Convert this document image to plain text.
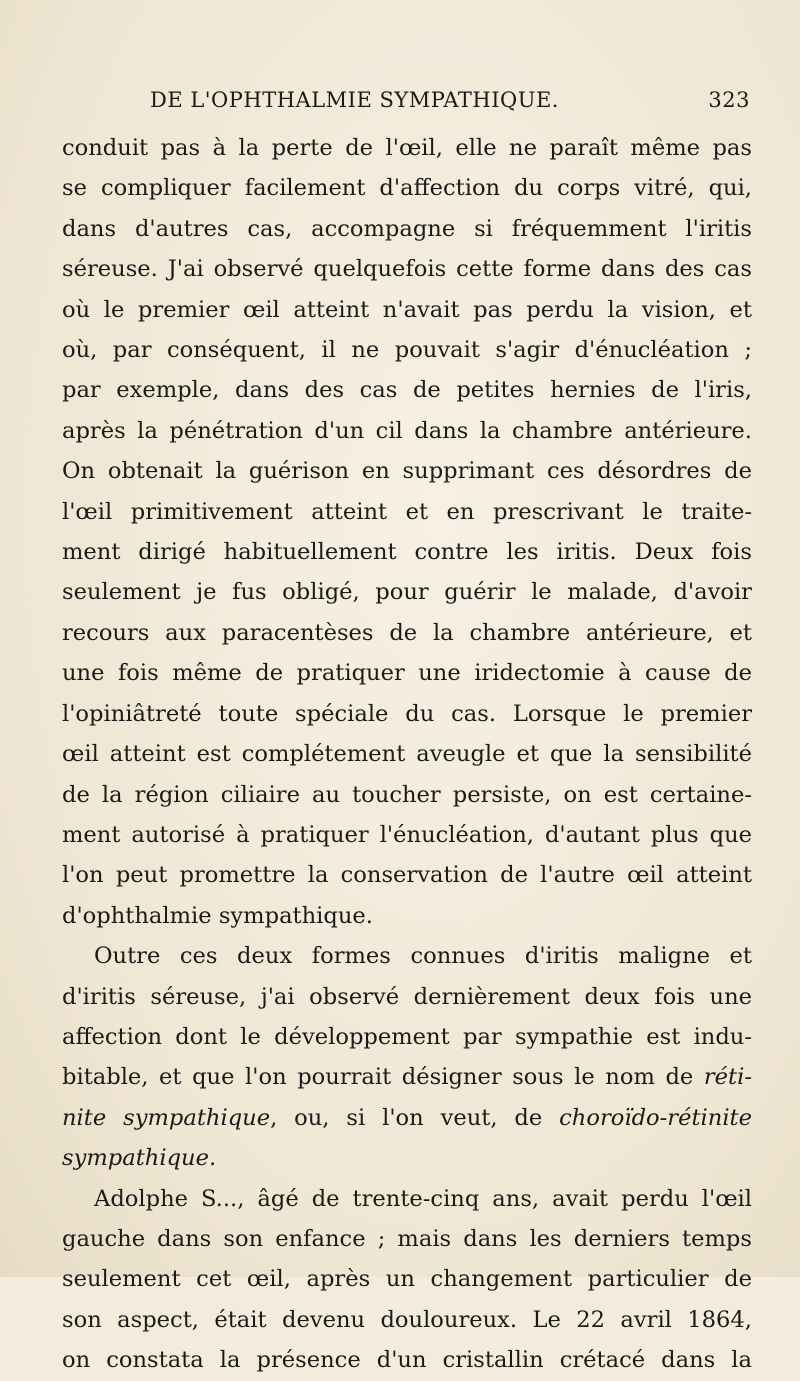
DE L'OPHTHALMIE SYMPATHIQUE.	323
conduit pas à la perte de l'œil, elle ne paraît même pas
se compliquer facilement d'affection du corps vitré, qui,
dans d'autres cas, accompagne si fréquemment l'iritis
séreuse. J'ai observé quelquefois cette forme dans des cas
où le premier œil atteint n'avait pas perdu la vision, et
où, par conséquent, il ne pouvait s'agir d'énucléation ;
par exemple, dans des cas de petites hernies de l'iris,
après la pénétration d'un cil dans la chambre antérieure.
On obtenait la guérison en supprimant ces désordres de
l'œil primitivement atteint et en prescrivant le traite-
ment dirigé habituellement contre les iritis. Deux fois
seulement je fus obligé, pour guérir le malade, d'avoir
recours aux paracentèses de la chambre antérieure, et
une fois même de pratiquer une iridectomie à cause de
l'opiniâtreté toute spéciale du cas. Lorsque le premier
œil atteint est complétement aveugle et que la sensibilité
de la région ciliaire au toucher persiste, on est certaine-
ment autorisé à pratiquer l'énucléation, d'autant plus que
l'on peut promettre la conservation de l'autre œil atteint
d'ophthalmie sympathique.
Outre ces deux formes connues d'iritis maligne et
d'iritis séreuse, j'ai observé dernièrement deux fois une
affection dont le développement par sympathie est indu-
bitable, et que l'on pourrait désigner sous le nom de réti-
nite sympathique, ou, si l'on veut, de choroïdo-rétinite
sympathique.
Adolphe S..., âgé de trente-cinq ans, avait perdu l'œil
gauche dans son enfance ; mais dans les derniers temps
seulement cet œil, après un changement particulier de
son aspect, était devenu douloureux. Le 22 avril 1864,
on constata la présence d'un cristallin crétacé dans la
